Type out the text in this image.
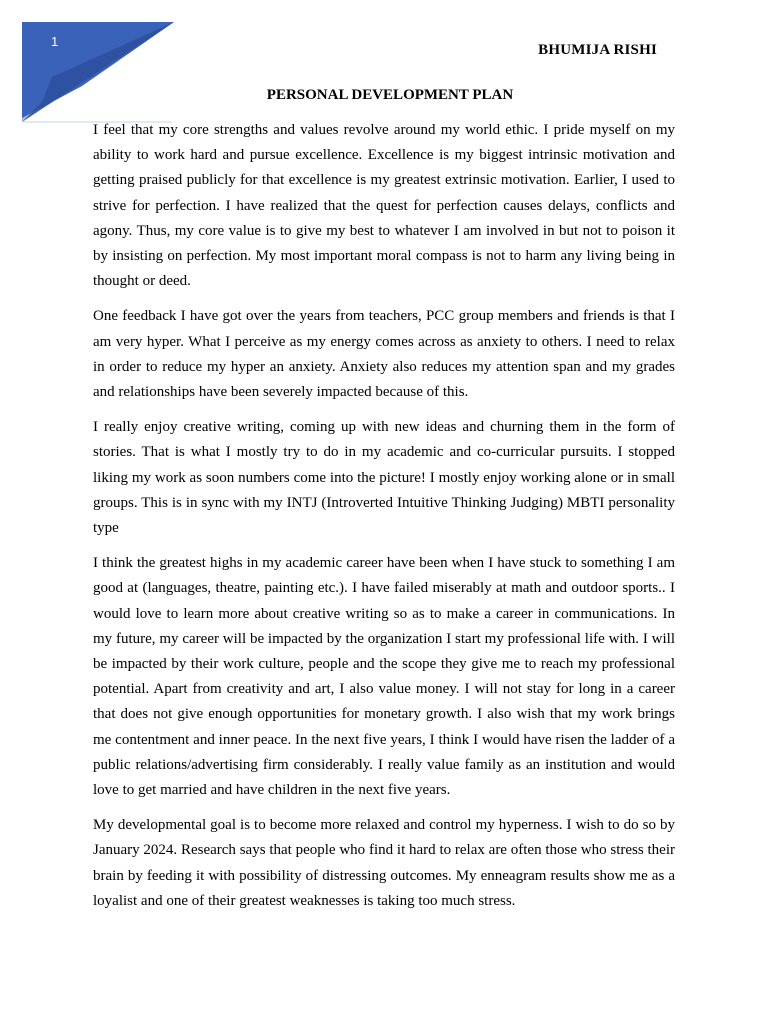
1
BHUMIJA RISHI
PERSONAL DEVELOPMENT PLAN

I feel that my core strengths and values revolve around my world ethic. I pride myself on my ability to work hard and pursue excellence. Excellence is my biggest intrinsic motivation and getting praised publicly for that excellence is my greatest extrinsic motivation. Earlier, I used to strive for perfection. I have realized that the quest for perfection causes delays, conflicts and agony. Thus, my core value is to give my best to whatever I am involved in but not to poison it by insisting on perfection. My most important moral compass is not to harm any living being in thought or deed.

One feedback I have got over the years from teachers, PCC group members and friends is that I am very hyper. What I perceive as my energy comes across as anxiety to others. I need to relax in order to reduce my hyper an anxiety. Anxiety also reduces my attention span and my grades and relationships have been severely impacted because of this.

I really enjoy creative writing, coming up with new ideas and churning them in the form of stories. That is what I mostly try to do in my academic and co-curricular pursuits. I stopped liking my work as soon numbers come into the picture! I mostly enjoy working alone or in small groups. This is in sync with my INTJ (Introverted Intuitive Thinking Judging) MBTI personality type

I think the greatest highs in my academic career have been when I have stuck to something I am good at (languages, theatre, painting etc.). I have failed miserably at math and outdoor sports.. I would love to learn more about creative writing so as to make a career in communications. In my future, my career will be impacted by the organization I start my professional life with. I will be impacted by their work culture, people and the scope they give me to reach my professional potential. Apart from creativity and art, I also value money. I will not stay for long in a career that does not give enough opportunities for monetary growth. I also wish that my work brings me contentment and inner peace. In the next five years, I think I would have risen the ladder of a public relations/advertising firm considerably. I really value family as an institution and would love to get married and have children in the next five years.

My developmental goal is to become more relaxed and control my hyperness. I wish to do so by January 2024. Research says that people who find it hard to relax are often those who stress their brain by feeding it with possibility of distressing outcomes. My enneagram results show me as a loyalist and one of their greatest weaknesses is taking too much stress.
